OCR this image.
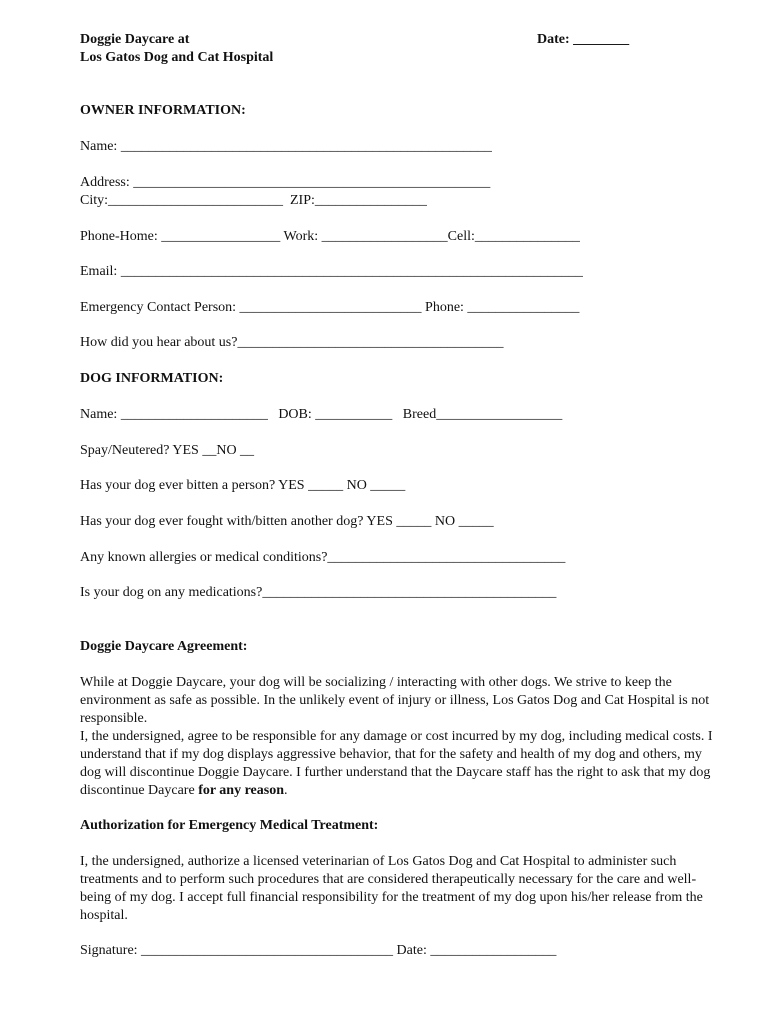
Doggie Daycare at
Los Gatos Dog and Cat Hospital
Date: ________
OWNER INFORMATION:
Name: _____________________________________________________
Address: ___________________________________________________
City:_________________________  ZIP:________________
Phone-Home: _________________ Work: __________________Cell:_______________
Email: __________________________________________________________________
Emergency Contact Person: __________________________ Phone: ________________
How did you hear about us?______________________________________
DOG INFORMATION:
Name: _____________________   DOB: ___________   Breed__________________
Spay/Neutered? YES __NO __
Has your dog ever bitten a person? YES _____ NO _____
Has your dog ever fought with/bitten another dog? YES _____ NO _____
Any known allergies or medical conditions?__________________________________
Is your dog on any medications?__________________________________________
Doggie Daycare Agreement:
While at Doggie Daycare, your dog will be socializing / interacting with other dogs. We strive to keep the environment as safe as possible. In the unlikely event of injury or illness, Los Gatos Dog and Cat Hospital is not responsible.
I, the undersigned, agree to be responsible for any damage or cost incurred by my dog, including medical costs. I understand that if my dog displays aggressive behavior, that for the safety and health of my dog and others, my dog will discontinue Doggie Daycare. I further understand that the Daycare staff has the right to ask that my dog discontinue Daycare for any reason.
Authorization for Emergency Medical Treatment:
I, the undersigned, authorize a licensed veterinarian of Los Gatos Dog and Cat Hospital to administer such treatments and to perform such procedures that are considered therapeutically necessary for the care and well-being of my dog. I accept full financial responsibility for the treatment of my dog upon his/her release from the hospital.
Signature: ____________________________________ Date: __________________
